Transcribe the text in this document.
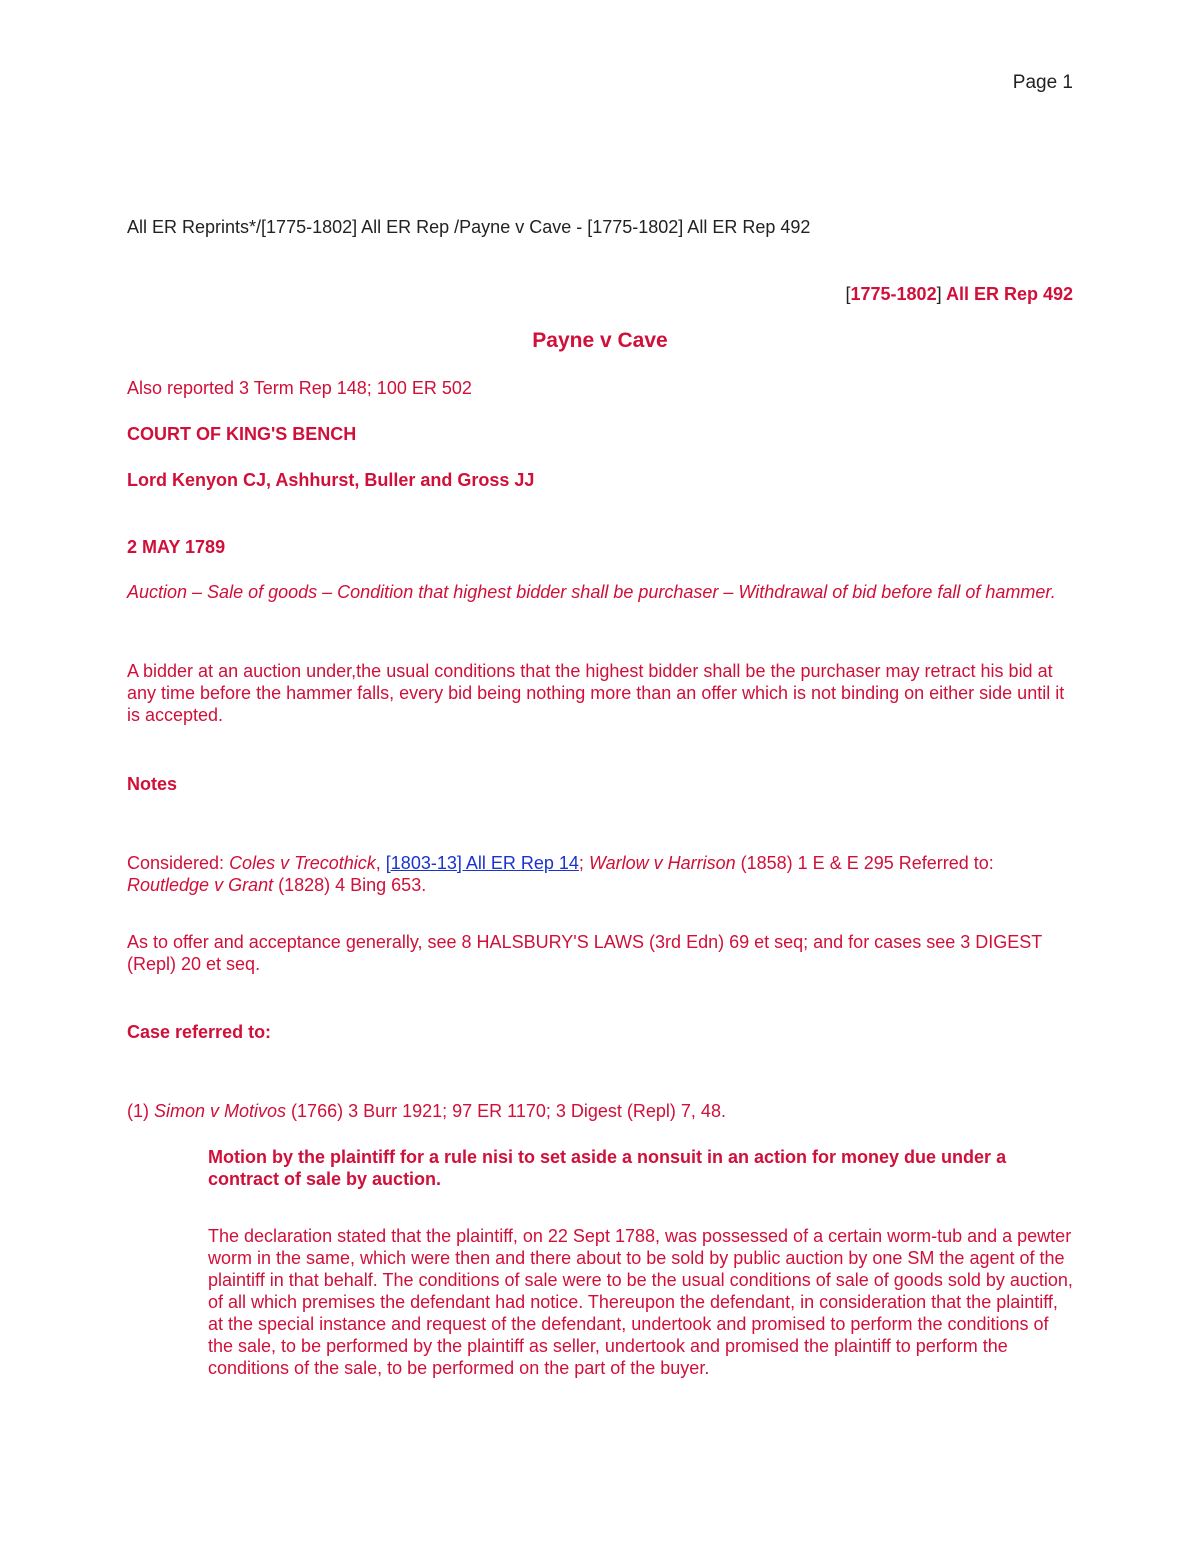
Page 1
All ER Reprints*/[1775-1802] All ER Rep /Payne v Cave - [1775-1802] All ER Rep 492
[1775-1802] All ER Rep 492
Payne v Cave
Also reported 3 Term Rep 148; 100 ER 502
COURT OF KING'S BENCH
Lord Kenyon CJ, Ashhurst, Buller and Gross JJ
2 MAY 1789
Auction – Sale of goods – Condition that highest bidder shall be purchaser – Withdrawal of bid before fall of hammer.
A bidder at an auction under,the usual conditions that the highest bidder shall be the purchaser may retract his bid at any time before the hammer falls, every bid being nothing more than an offer which is not binding on either side until it is accepted.
Notes
Considered: Coles v Trecothick, [1803-13] All ER Rep 14; Warlow v Harrison (1858) 1 E & E 295 Referred to: Routledge v Grant (1828) 4 Bing 653.
As to offer and acceptance generally, see 8 HALSBURY'S LAWS (3rd Edn) 69 et seq; and for cases see 3 DIGEST (Repl) 20 et seq.
Case referred to:
(1) Simon v Motivos (1766) 3 Burr 1921; 97 ER 1170; 3 Digest (Repl) 7, 48.
Motion by the plaintiff for a rule nisi to set aside a nonsuit in an action for money due under a contract of sale by auction.
The declaration stated that the plaintiff, on 22 Sept 1788, was possessed of a certain worm-tub and a pewter worm in the same, which were then and there about to be sold by public auction by one SM the agent of the plaintiff in that behalf. The conditions of sale were to be the usual conditions of sale of goods sold by auction, of all which premises the defendant had notice. Thereupon the defendant, in consideration that the plaintiff, at the special instance and request of the defendant, undertook and promised to perform the conditions of the sale, to be performed by the plaintiff as seller, undertook and promised the plaintiff to perform the conditions of the sale, to be performed on the part of the buyer.
